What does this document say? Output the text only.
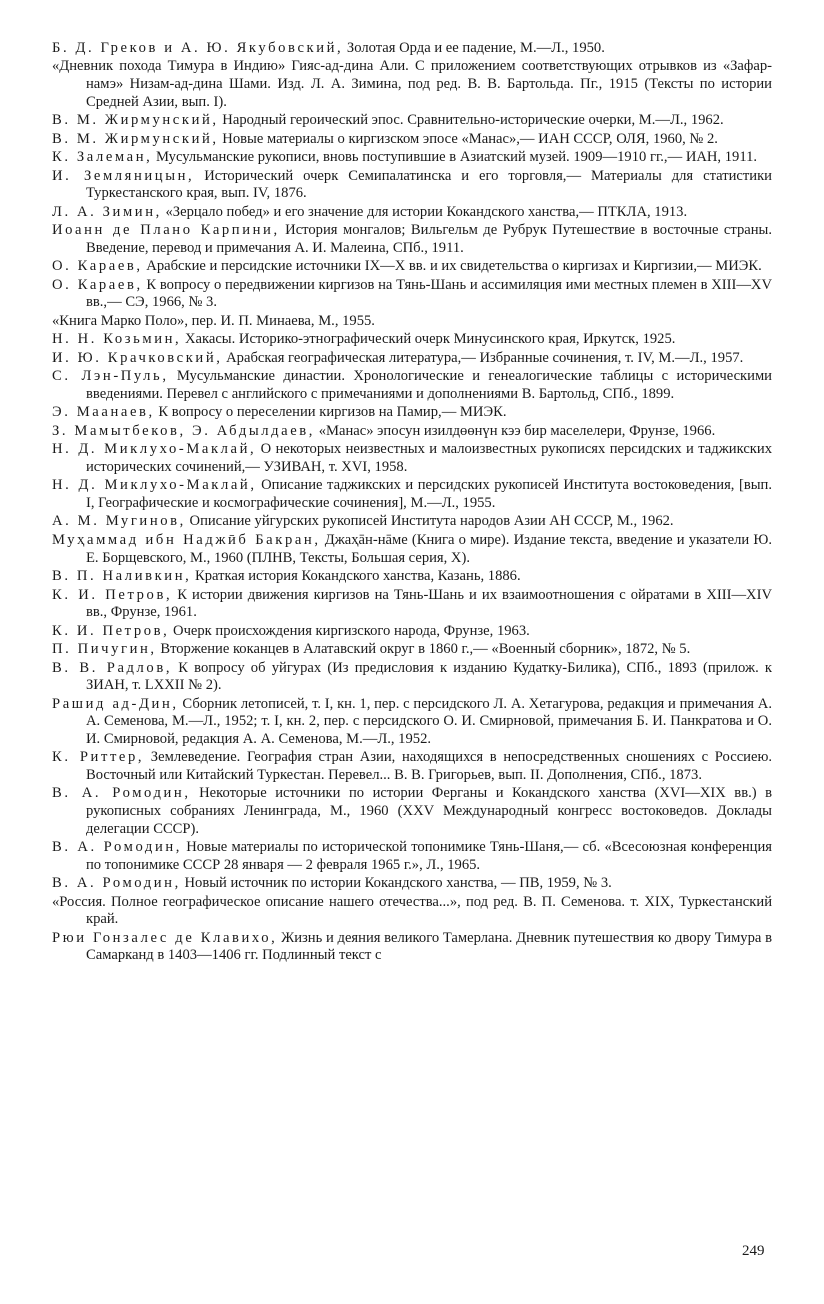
Б. Д. Греков и А. Ю. Якубовский, Золотая Орда и ее падение, М.—Л., 1950.

«Дневник похода Тимура в Индию» Гияс-ад-дина Али. С приложением соответствующих отрывков из «Зафар-намэ» Низам-ад-дина Шами. Изд. Л. А. Зимина, под ред. В. В. Бартольда. Пг., 1915 (Тексты по истории Средней Азии, вып. I).

В. М. Жирмунский, Народный героический эпос. Сравнительно-исторические очерки, М.—Л., 1962.

В. М. Жирмунский, Новые материалы о киргизском эпосе «Манас»,— ИАН СССР, ОЛЯ, 1960, № 2.

К. Залеман, Мусульманские рукописи, вновь поступившие в Азиатский музей. 1909—1910 гг.,— ИАН, 1911.

И. Земляницын, Исторический очерк Семипалатинска и его торговля,— Материалы для статистики Туркестанского края, вып. IV, 1876.

Л. А. Зимин, «Зерцало побед» и его значение для истории Кокандского ханства,— ПТКЛА, 1913.

Иоанн де Плано Карпини, История монгалов; Вильгельм де Рубрук Путешествие в восточные страны. Введение, перевод и примечания А. И. Малеина, СПб., 1911.

О. Караев, Арабские и персидские источники IX—X вв. и их свидетельства о киргизах и Киргизии,— МИЭК.

О. Караев, К вопросу о передвижении киргизов на Тянь-Шань и ассимиляция ими местных племен в XIII—XV вв.,— СЭ, 1966, № 3.

«Книга Марко Поло», пер. И. П. Минаева, М., 1955.

Н. Н. Козьмин, Хакасы. Историко-этнографический очерк Минусинского края, Иркутск, 1925.

И. Ю. Крачковский, Арабская географическая литература,— Избранные сочинения, т. IV, М.—Л., 1957.

С. Лэн-Пуль, Мусульманские династии. Хронологические и генеалогические таблицы с историческими введениями. Перевел с английского с примечаниями и дополнениями В. Бартольд, СПб., 1899.

Э. Маанаев, К вопросу о переселении киргизов на Памир,— МИЭК.

З. Мамытбеков, Э. Абдылдаев, «Манас» эпосун изилдөөнүн кээ бир маселелери, Фрунзе, 1966.

Н. Д. Миклухо-Маклай, О некоторых неизвестных и малоизвестных рукописях персидских и таджикских исторических сочинений,— УЗИВАН, т. XVI, 1958.

Н. Д. Миклухо-Маклай, Описание таджикских и персидских рукописей Института востоковедения, [вып. I, Географические и космографические сочинения], М.—Л., 1955.

А. М. Мугинов, Описание уйгурских рукописей Института народов Азии АН СССР, М., 1962.

Муҳаммад ибн Наджӣб Бакран, Джаҳāн-нāме (Книга о мире). Издание текста, введение и указатели Ю. Е. Борщевского, М., 1960 (ПЛНВ, Тексты, Большая серия, X).

В. П. Наливкин, Краткая история Кокандского ханства, Казань, 1886.

К. И. Петров, К истории движения киргизов на Тянь-Шань и их взаимоотношения с ойратами в XIII—XIV вв., Фрунзе, 1961.

К. И. Петров, Очерк происхождения киргизского народа, Фрунзе, 1963.

П. Пичугин, Вторжение коканцев в Алатавский округ в 1860 г.,— «Военный сборник», 1872, № 5.

В. В. Радлов, К вопросу об уйгурах (Из предисловия к изданию Кудатку-Билика), СПб., 1893 (прилож. к ЗИАН, т. LXXII № 2).

Рашид ад-Дин, Сборник летописей, т. I, кн. 1, пер. с персидского Л. А. Хетагурова, редакция и примечания А. А. Семенова, М.—Л., 1952; т. I, кн. 2, пер. с персидского О. И. Смирновой, примечания Б. И. Панкратова и О. И. Смирновой, редакция А. А. Семенова, М.—Л., 1952.

К. Риттер, Землеведение. География стран Азии, находящихся в непосредственных сношениях с Россиею. Восточный или Китайский Туркестан. Перевел... В. В. Григорьев, вып. II. Дополнения, СПб., 1873.

В. А. Ромодин, Некоторые источники по истории Ферганы и Кокандского ханства (XVI—XIX вв.) в рукописных собраниях Ленинграда, М., 1960 (XXV Международный конгресс востоковедов. Доклады делегации СССР).

В. А. Ромодин, Новые материалы по исторической топонимике Тянь-Шаня,— сб. «Всесоюзная конференция по топонимике СССР 28 января — 2 февраля 1965 г.», Л., 1965.

В. А. Ромодин, Новый источник по истории Кокандского ханства, — ПВ, 1959, № 3.

«Россия. Полное географическое описание нашего отечества...», под ред. В. П. Семенова. т. XIX, Туркестанский край.

Рюи Гонзалес де Клавихо, Жизнь и деяния великого Тамерлана. Дневник путешествия ко двору Тимура в Самарканд в 1403—1406 гг. Подлинный текст с

249
